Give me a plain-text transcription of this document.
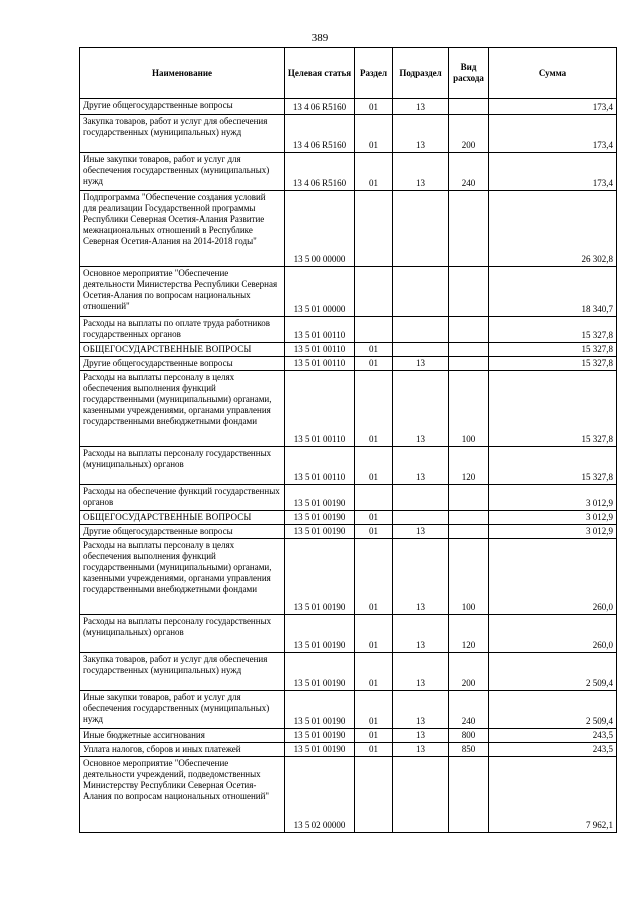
389
Наименование	Целевая статья	Раздел	Подраздел	Вид расхода	Сумма
Другие общегосударственные вопросы	13 4 06 R5160	01	13		173,4
Закупка товаров, работ и услуг для обеспечения государственных (муниципальных) нужд	13 4 06 R5160	01	13	200	173,4
Иные закупки товаров, работ и услуг для обеспечения государственных (муниципальных) нужд	13 4 06 R5160	01	13	240	173,4
Подпрограмма "Обеспечение создания условий для реализации Государственной программы Республики Северная Осетия-Алания Развитие межнациональных отношений в Республике Северная Осетия-Алания на 2014-2018 годы"	13 5 00 00000				26 302,8
Основное мероприятие "Обеспечение деятельности Министерства Республики Северная Осетия-Алания по вопросам национальных отношений"	13 5 01 00000				18 340,7
Расходы на выплаты по оплате труда работников государственных органов	13 5 01 00110				15 327,8
ОБЩЕГОСУДАРСТВЕННЫЕ ВОПРОСЫ	13 5 01 00110	01			15 327,8
Другие общегосударственные вопросы	13 5 01 00110	01	13		15 327,8
Расходы на выплаты персоналу в целях обеспечения выполнения функций государственными (муниципальными) органами, казенными учреждениями, органами управления государственными внебюджетными фондами	13 5 01 00110	01	13	100	15 327,8
Расходы на выплаты персоналу государственных (муниципальных) органов	13 5 01 00110	01	13	120	15 327,8
Расходы на обеспечение функций государственных органов	13 5 01 00190				3 012,9
ОБЩЕГОСУДАРСТВЕННЫЕ ВОПРОСЫ	13 5 01 00190	01			3 012,9
Другие общегосударственные вопросы	13 5 01 00190	01	13		3 012,9
Расходы на выплаты персоналу в целях обеспечения выполнения функций государственными (муниципальными) органами, казенными учреждениями, органами управления государственными внебюджетными фондами	13 5 01 00190	01	13	100	260,0
Расходы на выплаты персоналу государственных (муниципальных) органов	13 5 01 00190	01	13	120	260,0
Закупка товаров, работ и услуг для обеспечения государственных (муниципальных) нужд	13 5 01 00190	01	13	200	2 509,4
Иные закупки товаров, работ и услуг для обеспечения государственных (муниципальных) нужд	13 5 01 00190	01	13	240	2 509,4
Иные бюджетные ассигнования	13 5 01 00190	01	13	800	243,5
Уплата налогов, сборов и иных платежей	13 5 01 00190	01	13	850	243,5
Основное мероприятие "Обеспечение деятельности учреждений, подведомственных Министерству Республики Северная Осетия-Алания по вопросам национальных отношений"	13 5 02 00000				7 962,1
